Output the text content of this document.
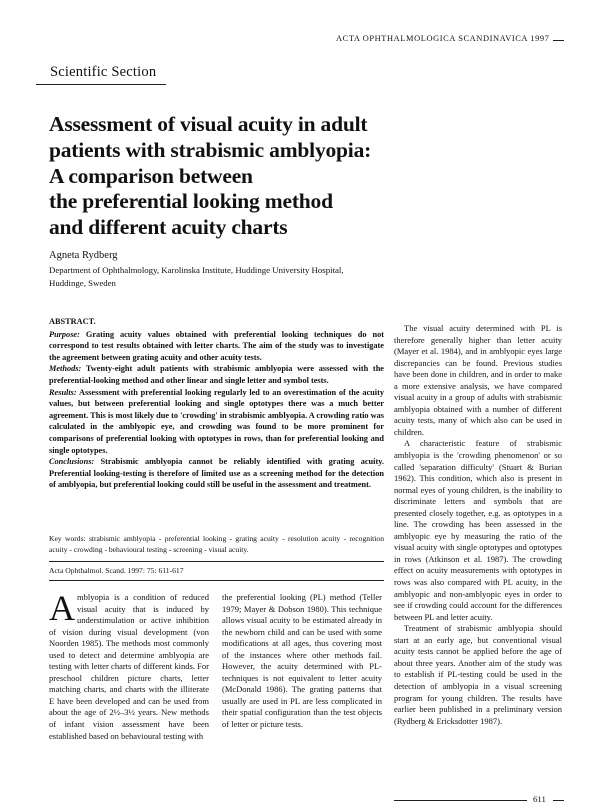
ACTA OPHTHALMOLOGICA SCANDINAVICA 1997
Scientific Section
Assessment of visual acuity in adult
patients with strabismic amblyopia:
A comparison between
the preferential looking method
and different acuity charts
Agneta Rydberg
Department of Ophthalmology, Karolinska Institute, Huddinge University Hospital, Huddinge, Sweden
ABSTRACT.

Purpose: Grating acuity values obtained with preferential looking techniques do not correspond to test results obtained with letter charts. The aim of the study was to investigate the agreement between grating acuity and other acuity tests.

Methods: Twenty-eight adult patients with strabismic amblyopia were assessed with the preferential-looking method and other linear and single letter and symbol tests.

Results: Assessment with preferential looking regularly led to an overestimation of the acuity values, but between preferential looking and single optotypes there was a much better agreement. This is most likely due to 'crowding' in strabismic amblyopia. A crowding ratio was calculated in the amblyopic eye, and crowding was found to be more prominent for comparisons of preferential looking with optotypes in rows, than for preferential looking and single optotypes.

Conclusions: Strabismic amblyopia cannot be reliably identified with grating acuity. Preferential looking-testing is therefore of limited use as a screening method for the detection of amblyopia, but preferential looking could still be useful in the assessment and treatment.

Key words: strabismic amblyopia - preferential looking - grating acuity - resolution acuity - recognition acuity - crowding - behavioural testing - screening - visual acuity.
Acta Ophthalmol. Scand. 1997: 75: 611-617

The visual acuity determined with PL is therefore generally higher than letter acuity (Mayer et al. 1984), and in amblyopic eyes large discrepancies can be found. Previous studies have been done in children, and in order to make a more extensive analysis, we have compared visual acuity in a group of adults with strabismic amblyopia obtained with a number of different acuity tests, many of which also can be used in children.

A characteristic feature of strabismic amblyopia is the 'crowding phenomenon' or so called 'separation difficulty' (Stuart & Burian 1962). This condition, which also is present in normal eyes of young children, is the inability to discriminate letters and symbols that are presented closely together, e.g. as optotypes in a line. The crowding has been assessed in the amblyopic eye by measuring the ratio of the visual acuity with single optotypes and optotypes in rows (Atkinson et al. 1987). The crowding effect on acuity measurements with optotypes in rows was also compared with PL acuity, in the amblyopic and non-amblyopic eyes in order to see if crowding could account for the differences between PL and letter acuity.

Treatment of strabismic amblyopia should start at an early age, but conventional visual acuity tests cannot be applied before the age of about three years. Another aim of the study was to establish if PL-testing could be used in the detection of amblyopia in a visual screening program for young children. The results have earlier been published in a preliminary version (Rydberg & Ericksdotter 1987).

Amblyopia is a condition of reduced visual acuity that is induced by understimulation or active inhibition of vision during visual development (von Noorden 1985). The methods most commonly used to detect and determine amblyopia are testing with letter charts of different kinds. For preschool children picture charts, letter matching charts, and charts with the illiterate E have been developed and can be used from about the age of 2½–3½ years. New methods of infant vision assessment have been established based on behavioural testing with

the preferential looking (PL) method (Teller 1979; Mayer & Dobson 1980). This technique allows visual acuity to be estimated already in the newborn child and can be used with some modifications at all ages, thus covering most of the instances where other methods fail. However, the acuity determined with PL-techniques is not equivalent to letter acuity (McDonald 1986). The grating patterns that usually are used in PL are less complicated in their spatial configuration than the test objects of letter or picture tests.

611
